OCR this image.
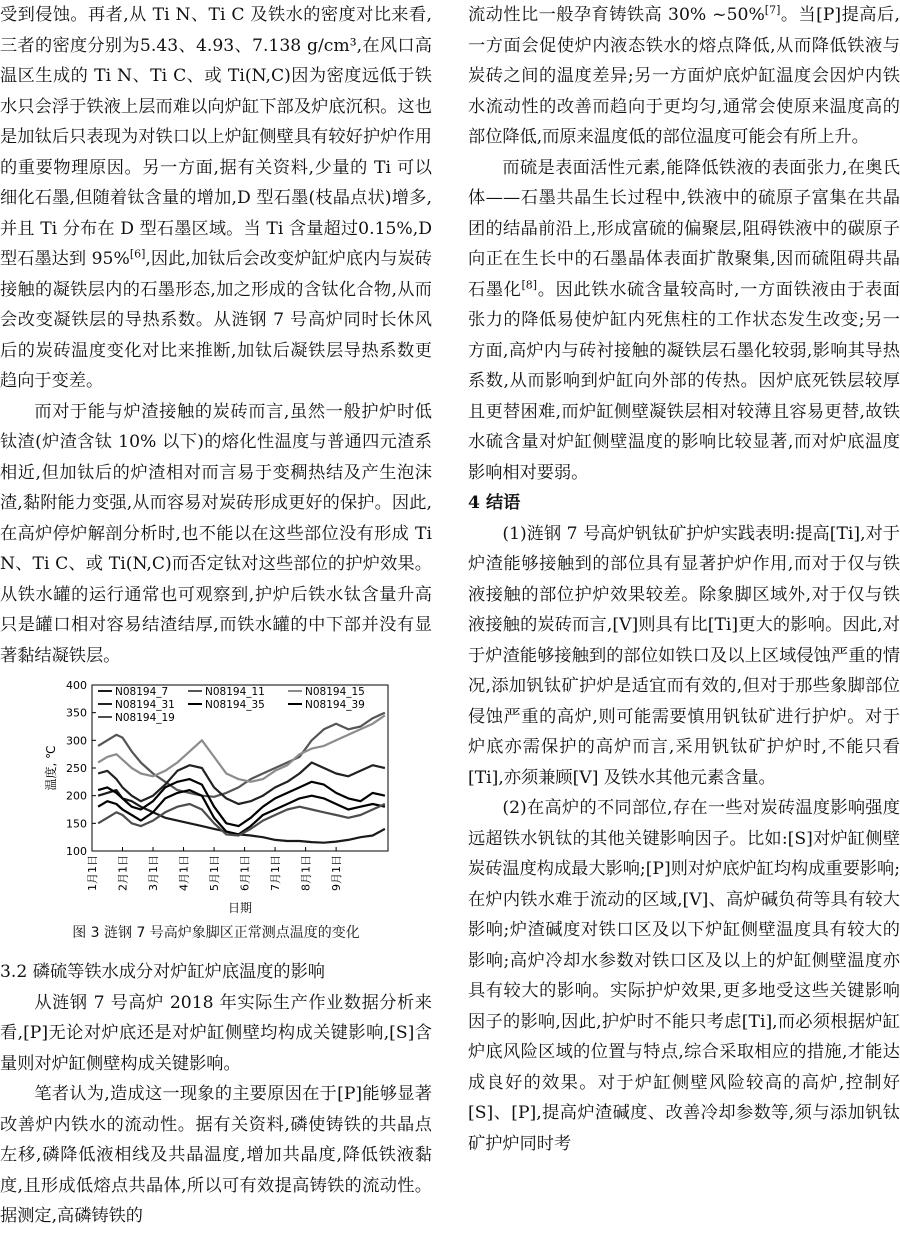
受到侵蚀。再者,从 Ti N、Ti C 及铁水的密度对比来看,三者的密度分别为5.43、4.93、7.138 g/cm³,在风口高温区生成的 Ti N、Ti C、或 Ti(N,C)因为密度远低于铁水只会浮于铁液上层而难以向炉缸下部及炉底沉积。这也是加钛后只表现为对铁口以上炉缸侧壁具有较好护炉作用的重要物理原因。另一方面,据有关资料,少量的 Ti 可以细化石墨,但随着钛含量的增加,D 型石墨(枝晶点状)增多,并且 Ti 分布在 D 型石墨区域。当 Ti 含量超过0.15%,D 型石墨达到 95%[6],因此,加钛后会改变炉缸炉底内与炭砖接触的凝铁层内的石墨形态,加之形成的含钛化合物,从而会改变凝铁层的导热系数。从涟钢 7 号高炉同时长休风后的炭砖温度变化对比来推断,加钛后凝铁层导热系数更趋向于变差。

而对于能与炉渣接触的炭砖而言,虽然一般护炉时低钛渣(炉渣含钛 10% 以下)的熔化性温度与普通四元渣系相近,但加钛后的炉渣相对而言易于变稠热结及产生泡沫渣,黏附能力变强,从而容易对炭砖形成更好的保护。因此,在高炉停炉解剖分析时,也不能以在这些部位没有形成 Ti N、Ti C、或 Ti(N,C)而否定钛对这些部位的护炉效果。从铁水罐的运行通常也可观察到,护炉后铁水钛含量升高只是罐口相对容易结渣结厚,而铁水罐的中下部并没有显著黏结凝铁层。

100
150
200
250
300
350
400
1月1日 2月1日 3月1日 4月1日 5月1日 6月1日 7月1日 8月1日 9月1日
温度, ℃
日期
N08194_7	N08194_11	N08194_15
N08194_31	N08194_35	N08194_39
N08194_19
图 3 涟钢 7 号高炉象脚区正常测点温度的变化

3.2 磷硫等铁水成分对炉缸炉底温度的影响

从涟钢 7 号高炉 2018 年实际生产作业数据分析来看,[P]无论对炉底还是对炉缸侧壁均构成关键影响,[S]含量则对炉缸侧壁构成关键影响。

笔者认为,造成这一现象的主要原因在于[P]能够显著改善炉内铁水的流动性。据有关资料,磷使铸铁的共晶点左移,磷降低液相线及共晶温度,增加共晶度,降低铁液黏度,且形成低熔点共晶体,所以可有效提高铸铁的流动性。据测定,高磷铸铁的

流动性比一般孕育铸铁高 30% ~50%[7]。当[P]提高后,一方面会促使炉内液态铁水的熔点降低,从而降低铁液与炭砖之间的温度差异;另一方面炉底炉缸温度会因炉内铁水流动性的改善而趋向于更均匀,通常会使原来温度高的部位降低,而原来温度低的部位温度可能会有所上升。

而硫是表面活性元素,能降低铁液的表面张力,在奥氏体——石墨共晶生长过程中,铁液中的硫原子富集在共晶团的结晶前沿上,形成富硫的偏聚层,阻碍铁液中的碳原子向正在生长中的石墨晶体表面扩散聚集,因而硫阻碍共晶石墨化[8]。因此铁水硫含量较高时,一方面铁液由于表面张力的降低易使炉缸内死焦柱的工作状态发生改变;另一方面,高炉内与砖衬接触的凝铁层石墨化较弱,影响其导热系数,从而影响到炉缸向外部的传热。因炉底死铁层较厚且更替困难,而炉缸侧壁凝铁层相对较薄且容易更替,故铁水硫含量对炉缸侧壁温度的影响比较显著,而对炉底温度影响相对要弱。

4 结语

(1)涟钢 7 号高炉钒钛矿护炉实践表明:提高[Ti],对于炉渣能够接触到的部位具有显著护炉作用,而对于仅与铁液接触的部位护炉效果较差。除象脚区域外,对于仅与铁液接触的炭砖而言,[V]则具有比[Ti]更大的影响。因此,对于炉渣能够接触到的部位如铁口及以上区域侵蚀严重的情况,添加钒钛矿护炉是适宜而有效的,但对于那些象脚部位侵蚀严重的高炉,则可能需要慎用钒钛矿进行护炉。对于炉底亦需保护的高炉而言,采用钒钛矿护炉时,不能只看[Ti],亦须兼顾[V] 及铁水其他元素含量。

(2)在高炉的不同部位,存在一些对炭砖温度影响强度远超铁水钒钛的其他关键影响因子。比如:[S]对炉缸侧壁炭砖温度构成最大影响;[P]则对炉底炉缸均构成重要影响;在炉内铁水难于流动的区域,[V]、高炉碱负荷等具有较大影响;炉渣碱度对铁口区及以下炉缸侧壁温度具有较大的影响;高炉冷却水参数对铁口区及以上的炉缸侧壁温度亦具有较大的影响。实际护炉效果,更多地受这些关键影响因子的影响,因此,护炉时不能只考虑[Ti],而必须根据炉缸炉底风险区域的位置与特点,综合采取相应的措施,才能达成良好的效果。对于炉缸侧壁风险较高的高炉,控制好 [S]、[P],提高炉渣碱度、改善冷却参数等,须与添加钒钛矿护炉同时考
